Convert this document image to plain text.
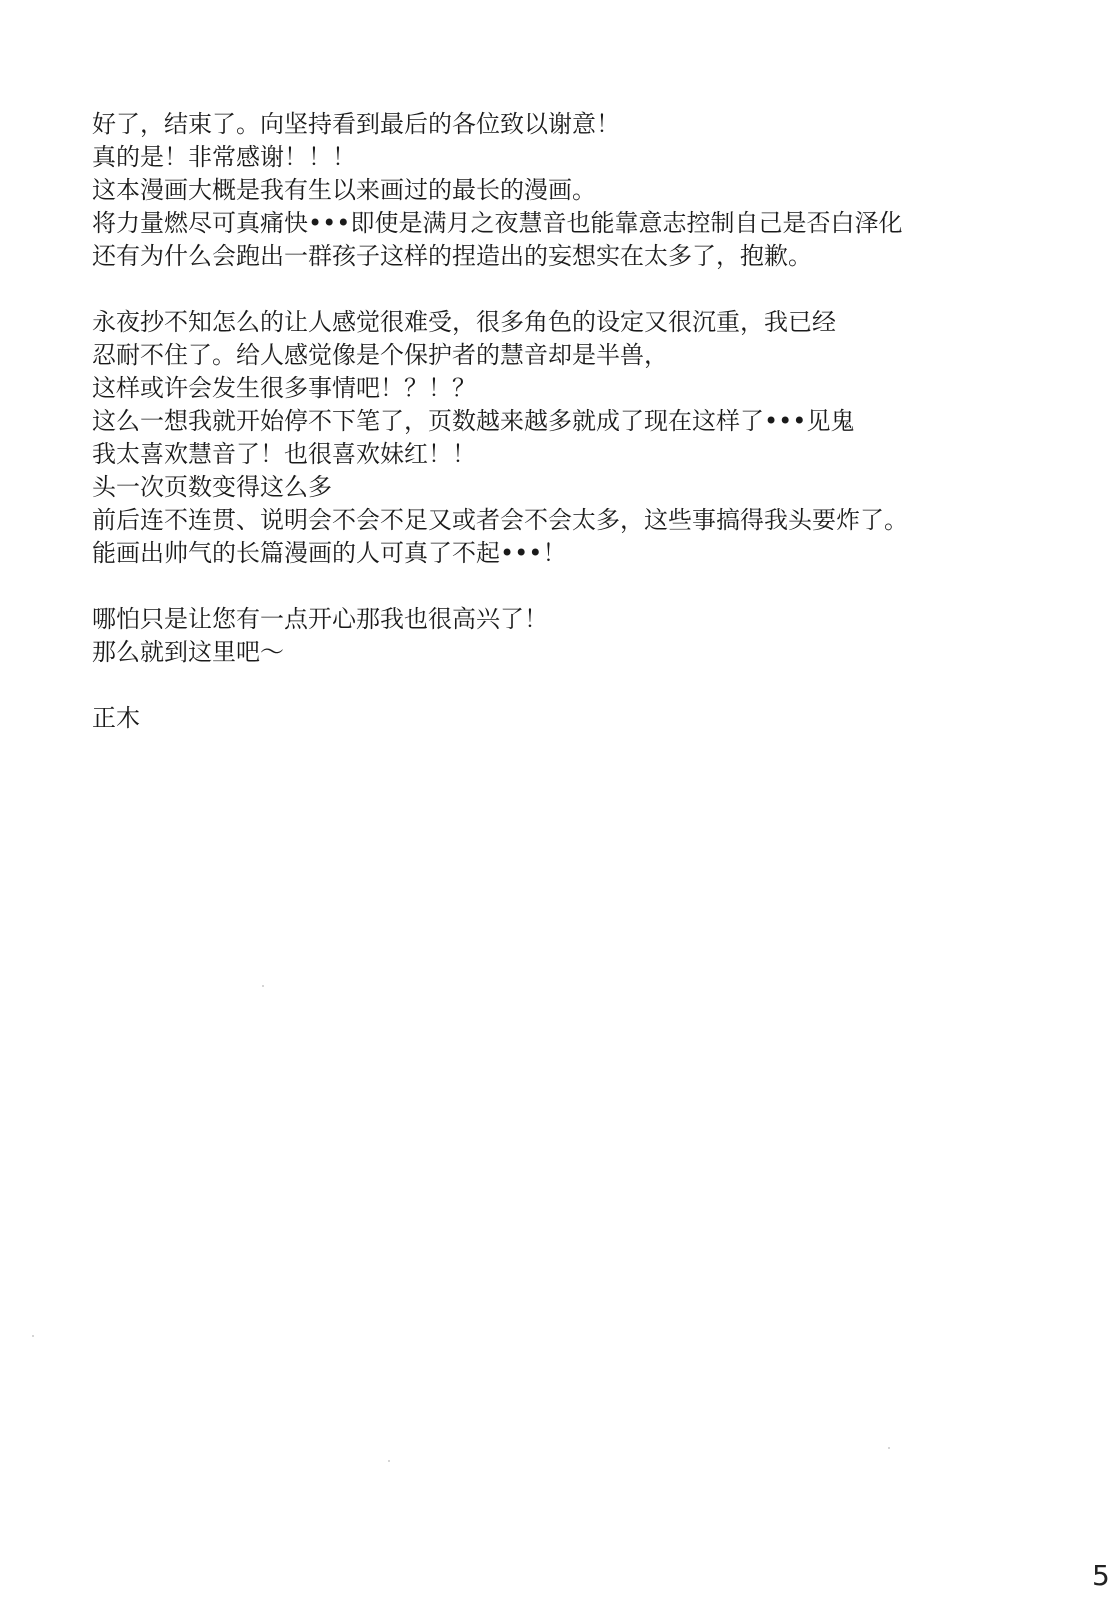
好了，结束了。向坚持看到最后的各位致以谢意！
真的是！非常感谢！！！
这本漫画大概是我有生以来画过的最长的漫画。
将力量燃尽可真痛快•••即使是满月之夜慧音也能靠意志控制自己是否白泽化
还有为什么会跑出一群孩子这样的捏造出的妄想实在太多了，抱歉。
永夜抄不知怎么的让人感觉很难受，很多角色的设定又很沉重，我已经
忍耐不住了。给人感觉像是个保护者的慧音却是半兽，
这样或许会发生很多事情吧！？！？
这么一想我就开始停不下笔了，页数越来越多就成了现在这样了•••见鬼
我太喜欢慧音了！也很喜欢妹红！！
头一次页数变得这么多
前后连不连贯、说明会不会不足又或者会不会太多，这些事搞得我头要炸了。
能画出帅气的长篇漫画的人可真了不起•••！
哪怕只是让您有一点开心那我也很高兴了！
那么就到这里吧～
正木
5
